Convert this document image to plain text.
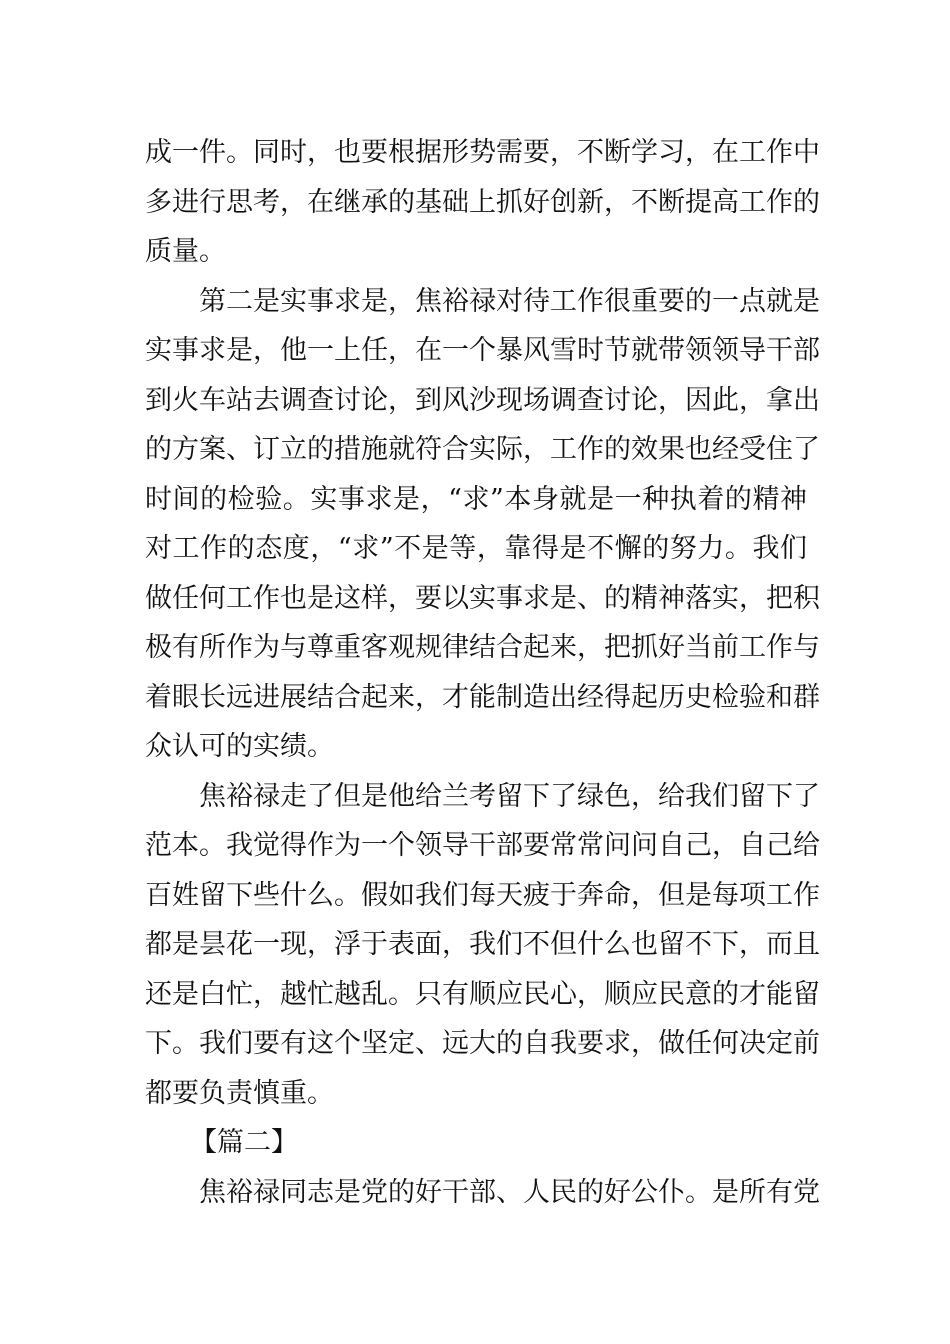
成一件。同时，也要根据形势需要，不断学习，在工作中
多进行思考，在继承的基础上抓好创新，不断提高工作的
质量。
第二是实事求是，焦裕禄对待工作很重要的一点就是
实事求是，他一上任，在一个暴风雪时节就带领领导干部
到火车站去调查讨论，到风沙现场调查讨论，因此，拿出
的方案、订立的措施就符合实际，工作的效果也经受住了
时间的检验。实事求是，“求”本身就是一种执着的精神
对工作的态度，“求”不是等，靠得是不懈的努力。我们
做任何工作也是这样，要以实事求是、的精神落实，把积
极有所作为与尊重客观规律结合起来，把抓好当前工作与
着眼长远进展结合起来，才能制造出经得起历史检验和群
众认可的实绩。
焦裕禄走了但是他给兰考留下了绿色，给我们留下了
范本。我觉得作为一个领导干部要常常问问自己，自己给
百姓留下些什么。假如我们每天疲于奔命，但是每项工作
都是昙花一现，浮于表面，我们不但什么也留不下，而且
还是白忙，越忙越乱。只有顺应民心，顺应民意的才能留
下。我们要有这个坚定、远大的自我要求，做任何决定前
都要负责慎重。
【篇二】
焦裕禄同志是党的好干部、人民的好公仆。是所有党
